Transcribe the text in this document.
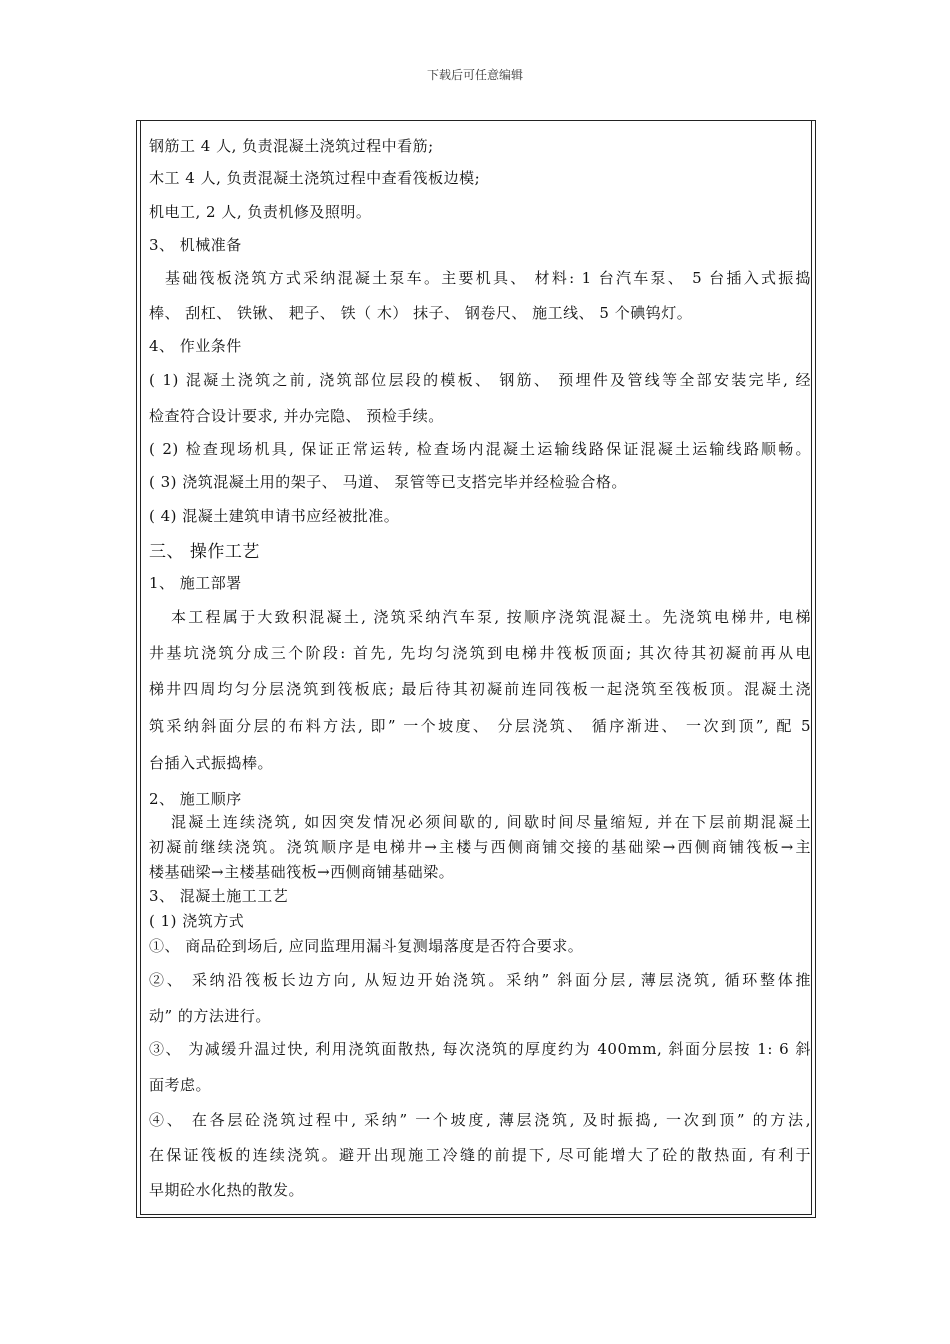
下载后可任意编辑
钢筋工 4 人, 负责混凝土浇筑过程中看筋;
木工 4 人, 负责混凝土浇筑过程中查看筏板边模;
机电工, 2 人, 负责机修及照明。
3、 机械准备
基础筏板浇筑方式采纳混凝土泵车。主要机具、 材料: 1 台汽车泵、 5 台插入式振捣
棒、 刮杠、 铁锹、 耙子、 铁（ 木） 抹子、 钢卷尺、 施工线、 5 个碘钨灯。
4、 作业条件
( 1) 混凝土浇筑之前, 浇筑部位层段的模板、 钢筋、 预埋件及管线等全部安装完毕, 经
检查符合设计要求, 并办完隐、 预检手续。
( 2) 检查现场机具, 保证正常运转, 检查场内混凝土运输线路保证混凝土运输线路顺畅。
( 3) 浇筑混凝土用的架子、 马道、 泵管等已支搭完毕并经检验合格。
( 4) 混凝土建筑申请书应经被批准。
三、 操作工艺
1、 施工部署
本工程属于大致积混凝土, 浇筑采纳汽车泵, 按顺序浇筑混凝土。先浇筑电梯井, 电梯
井基坑浇筑分成三个阶段: 首先, 先均匀浇筑到电梯井筏板顶面; 其次待其初凝前再从电
梯井四周均匀分层浇筑到筏板底; 最后待其初凝前连同筏板一起浇筑至筏板顶。混凝土浇
筑采纳斜面分层的布料方法, 即” 一个坡度、 分层浇筑、 循序渐进、 一次到顶”, 配 5
台插入式振捣棒。
2、 施工顺序
混凝土连续浇筑, 如因突发情况必须间歇的, 间歇时间尽量缩短, 并在下层前期混凝土
初凝前继续浇筑。浇筑顺序是电梯井→主楼与西侧商铺交接的基础梁→西侧商铺筏板→主
楼基础梁→主楼基础筏板→西侧商铺基础梁。
3、 混凝土施工工艺
( 1) 浇筑方式
①、 商品砼到场后, 应同监理用漏斗复测塌落度是否符合要求。
②、 采纳沿筏板长边方向, 从短边开始浇筑。采纳” 斜面分层, 薄层浇筑, 循环整体推
动” 的方法进行。
③、 为减缓升温过快, 利用浇筑面散热, 每次浇筑的厚度约为 400mm, 斜面分层按 1: 6 斜
面考虑。
④、 在各层砼浇筑过程中, 采纳” 一个坡度, 薄层浇筑, 及时振捣, 一次到顶” 的方法,
在保证筏板的连续浇筑。避开出现施工冷缝的前提下, 尽可能增大了砼的散热面, 有利于
早期砼水化热的散发。
